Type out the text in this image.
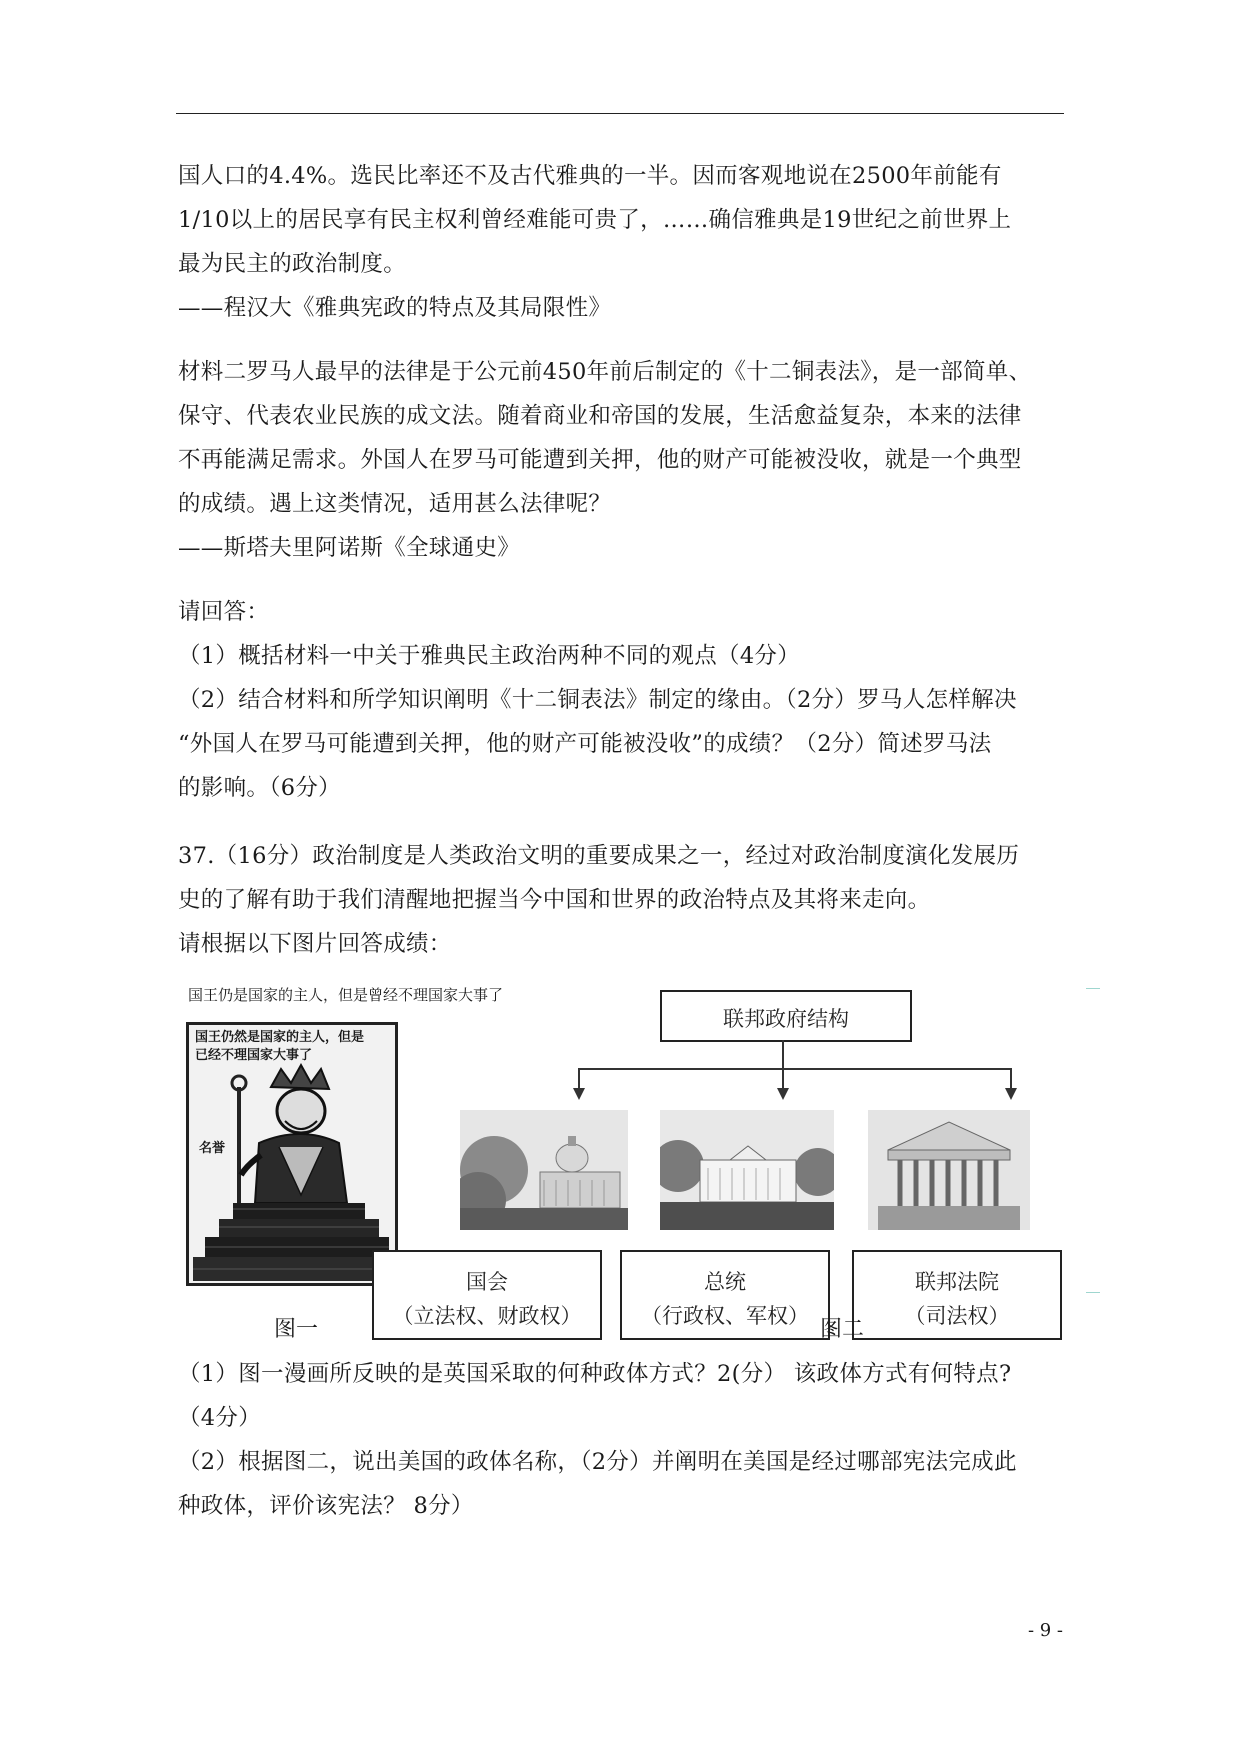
国人口的4.4%。选民比率还不及古代雅典的一半。因而客观地说在2500年前能有
1/10以上的居民享有民主权利曾经难能可贵了，……确信雅典是19世纪之前世界上
最为民主的政治制度。
——程汉大《雅典宪政的特点及其局限性》
材料二罗马人最早的法律是于公元前450年前后制定的《十二铜表法》，是一部简单、
保守、代表农业民族的成文法。随着商业和帝国的发展，生活愈益复杂，本来的法律
不再能满足需求。外国人在罗马可能遭到关押，他的财产可能被没收，就是一个典型
的成绩。遇上这类情况，适用甚么法律呢？
——斯塔夫里阿诺斯《全球通史》
请回答：
（1）概括材料一中关于雅典民主政治两种不同的观点（4分）
（2）结合材料和所学知识阐明《十二铜表法》制定的缘由。（2分）罗马人怎样解决
“外国人在罗马可能遭到关押，他的财产可能被没收”的成绩？（2分）简述罗马法
的影响。（6分）
37.（16分）政治制度是人类政治文明的重要成果之一，经过对政治制度演化发展历
史的了解有助于我们清醒地把握当今中国和世界的政治特点及其将来走向。
请根据以下图片回答成绩：
国王仍是国家的主人，但是曾经不理国家大事了
国王仍然是国家的主人，但是
已经不理国家大事了
名誉
联邦政府结构
国会
（立法权、财政权）
总统
（行政权、军权）
联邦法院
（司法权）
图一	图二
（1）图一漫画所反映的是英国采取的何种政体方式？2(分） 该政体方式有何特点?
（4分）
（2）根据图二，说出美国的政体名称，（2分）并阐明在美国是经过哪部宪法完成此
种政体，评价该宪法？ 8分）
- 9 -
